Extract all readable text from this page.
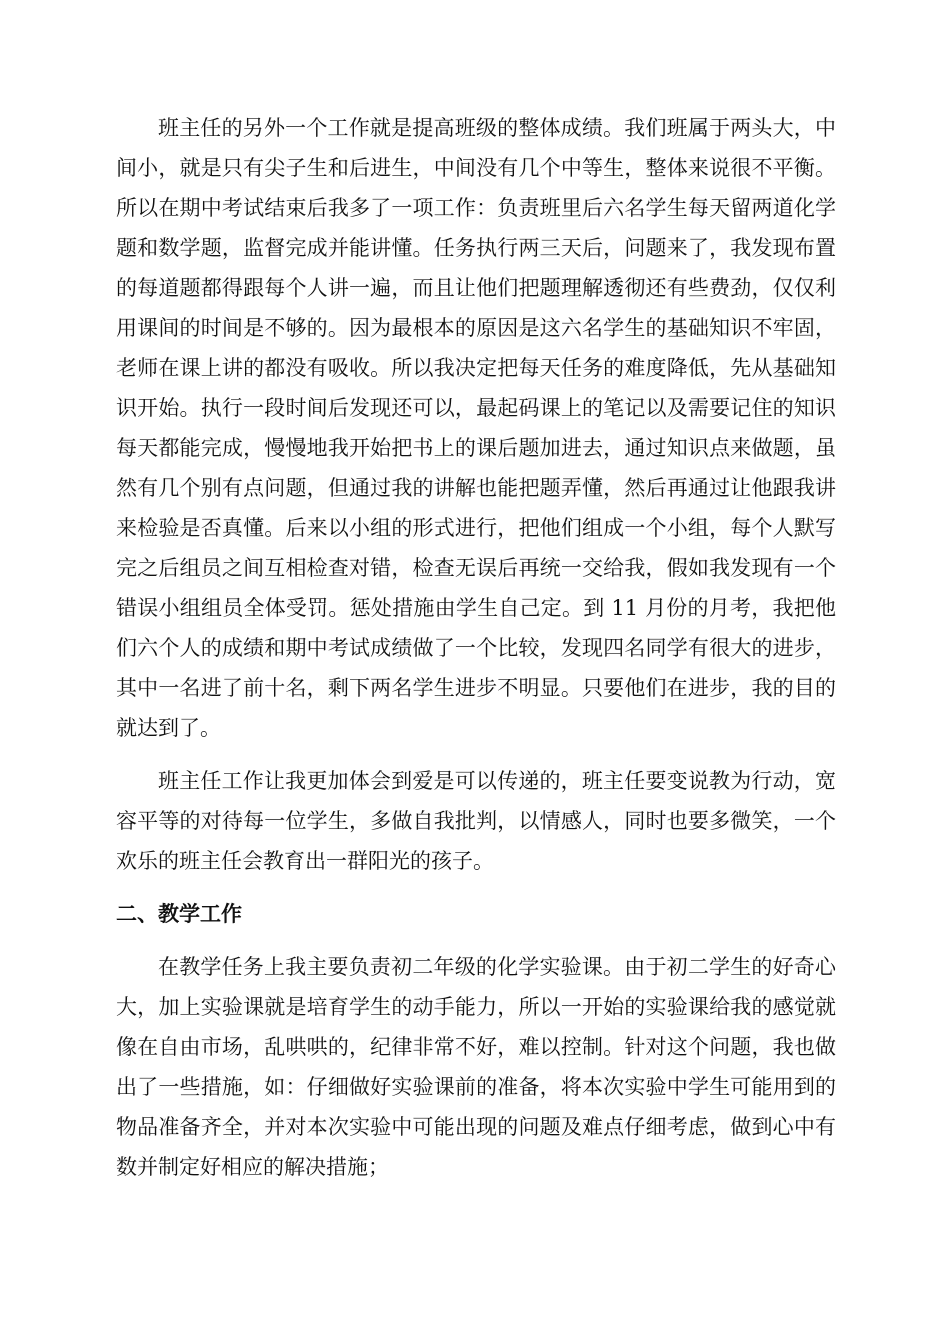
班主任的另外一个工作就是提高班级的整体成绩。我们班属于两头大，中间小，就是只有尖子生和后进生，中间没有几个中等生，整体来说很不平衡。所以在期中考试结束后我多了一项工作：负责班里后六名学生每天留两道化学题和数学题，监督完成并能讲懂。任务执行两三天后，问题来了，我发现布置的每道题都得跟每个人讲一遍，而且让他们把题理解透彻还有些费劲，仅仅利用课间的时间是不够的。因为最根本的原因是这六名学生的基础知识不牢固，老师在课上讲的都没有吸收。所以我决定把每天任务的难度降低，先从基础知识开始。执行一段时间后发现还可以，最起码课上的笔记以及需要记住的知识每天都能完成，慢慢地我开始把书上的课后题加进去，通过知识点来做题，虽然有几个别有点问题，但通过我的讲解也能把题弄懂，然后再通过让他跟我讲来检验是否真懂。后来以小组的形式进行，把他们组成一个小组，每个人默写完之后组员之间互相检查对错，检查无误后再统一交给我，假如我发现有一个错误小组组员全体受罚。惩处措施由学生自己定。到 11 月份的月考，我把他们六个人的成绩和期中考试成绩做了一个比较，发现四名同学有很大的进步，其中一名进了前十名，剩下两名学生进步不明显。只要他们在进步，我的目的就达到了。

班主任工作让我更加体会到爱是可以传递的，班主任要变说教为行动，宽容平等的对待每一位学生，多做自我批判，以情感人，同时也要多微笑，一个欢乐的班主任会教育出一群阳光的孩子。

二、教学工作

在教学任务上我主要负责初二年级的化学实验课。由于初二学生的好奇心大，加上实验课就是培育学生的动手能力，所以一开始的实验课给我的感觉就像在自由市场，乱哄哄的，纪律非常不好，难以控制。针对这个问题，我也做出了一些措施，如：仔细做好实验课前的准备，将本次实验中学生可能用到的物品准备齐全，并对本次实验中可能出现的问题及难点仔细考虑，做到心中有数并制定好相应的解决措施；
